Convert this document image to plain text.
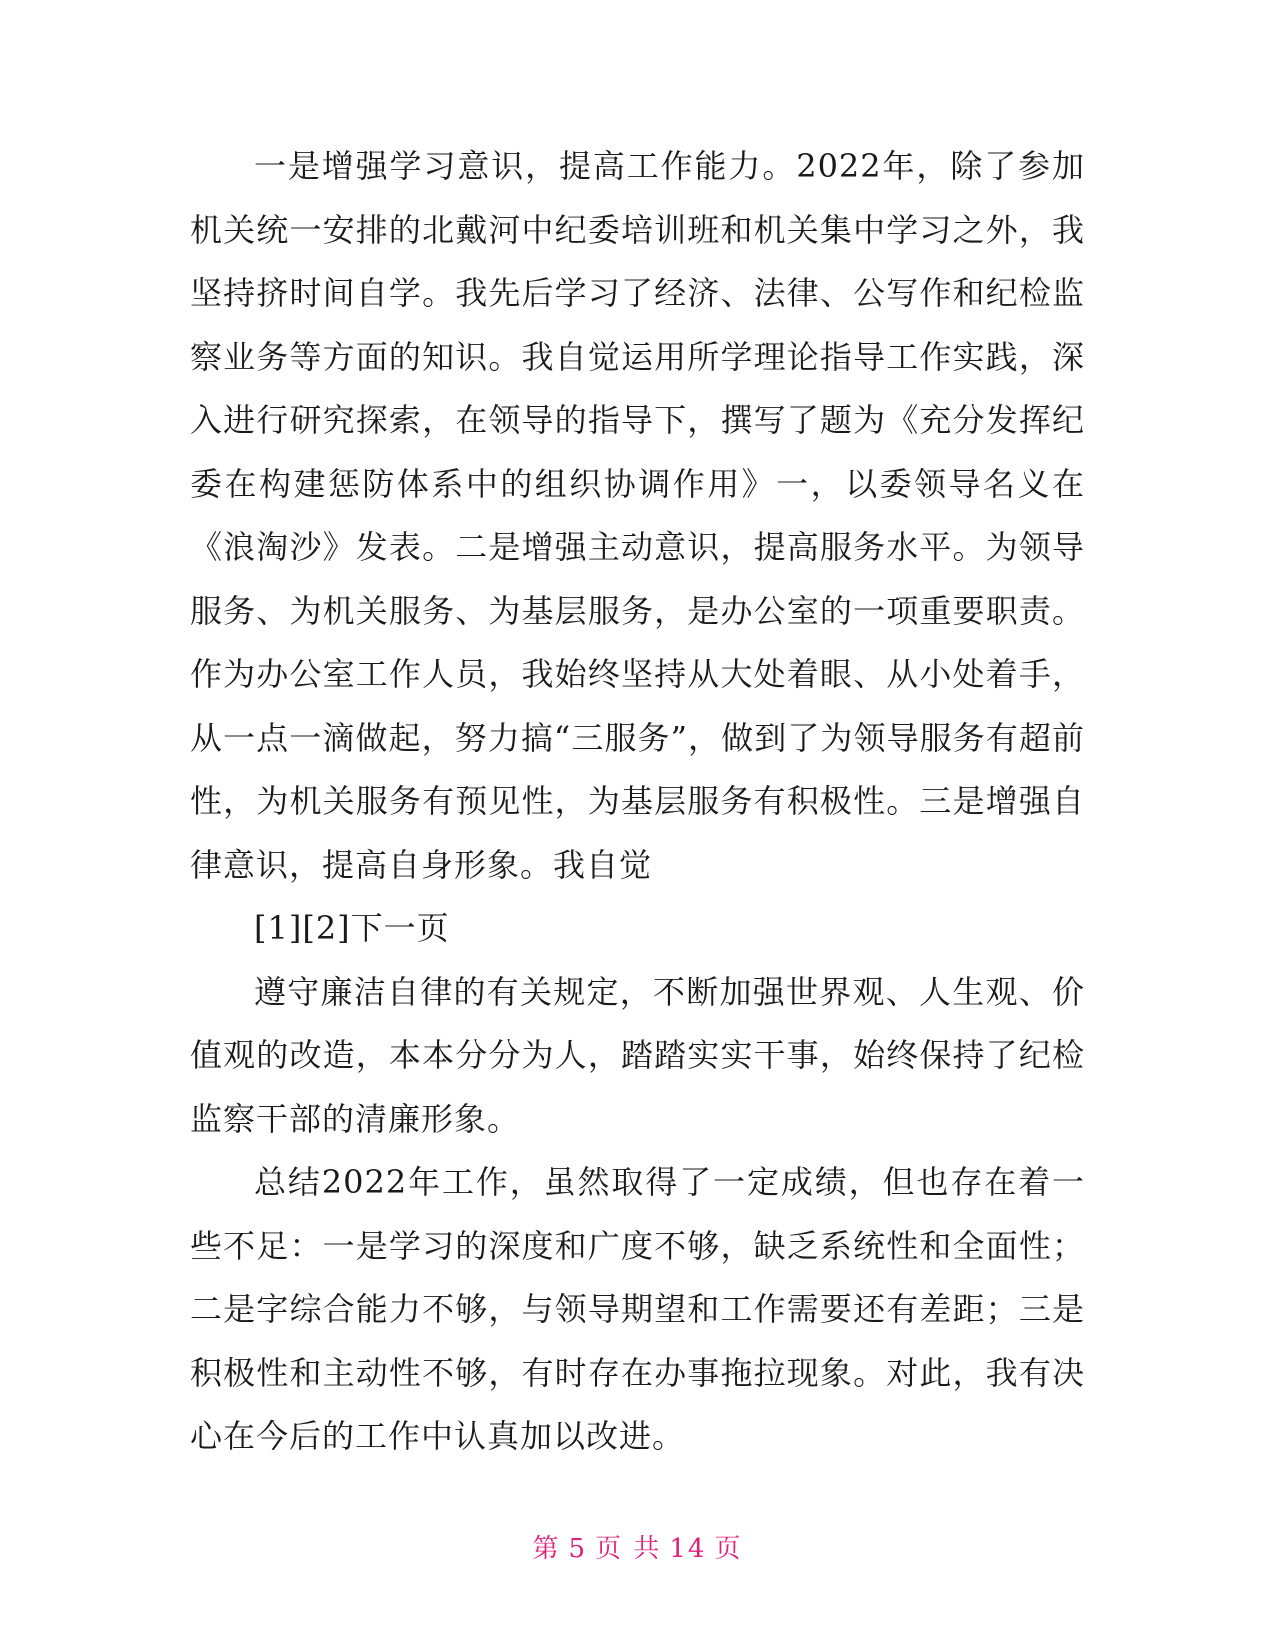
一是增强学习意识，提高工作能力。2022年，除了参加机关统一安排的北戴河中纪委培训班和机关集中学习之外，我坚持挤时间自学。我先后学习了经济、法律、公写作和纪检监察业务等方面的知识。我自觉运用所学理论指导工作实践，深入进行研究探索，在领导的指导下，撰写了题为《充分发挥纪委在构建惩防体系中的组织协调作用》一，以委领导名义在《浪淘沙》发表。二是增强主动意识，提高服务水平。为领导服务、为机关服务、为基层服务，是办公室的一项重要职责。作为办公室工作人员，我始终坚持从大处着眼、从小处着手，从一点一滴做起，努力搞“三服务”，做到了为领导服务有超前性，为机关服务有预见性，为基层服务有积极性。三是增强自律意识，提高自身形象。我自觉

[1][2]下一页

遵守廉洁自律的有关规定，不断加强世界观、人生观、价值观的改造，本本分分为人，踏踏实实干事，始终保持了纪检监察干部的清廉形象。

总结2022年工作，虽然取得了一定成绩，但也存在着一些不足：一是学习的深度和广度不够，缺乏系统性和全面性；二是字综合能力不够，与领导期望和工作需要还有差距；三是积极性和主动性不够，有时存在办事拖拉现象。对此，我有决心在今后的工作中认真加以改进。

第 5 页 共 14 页
